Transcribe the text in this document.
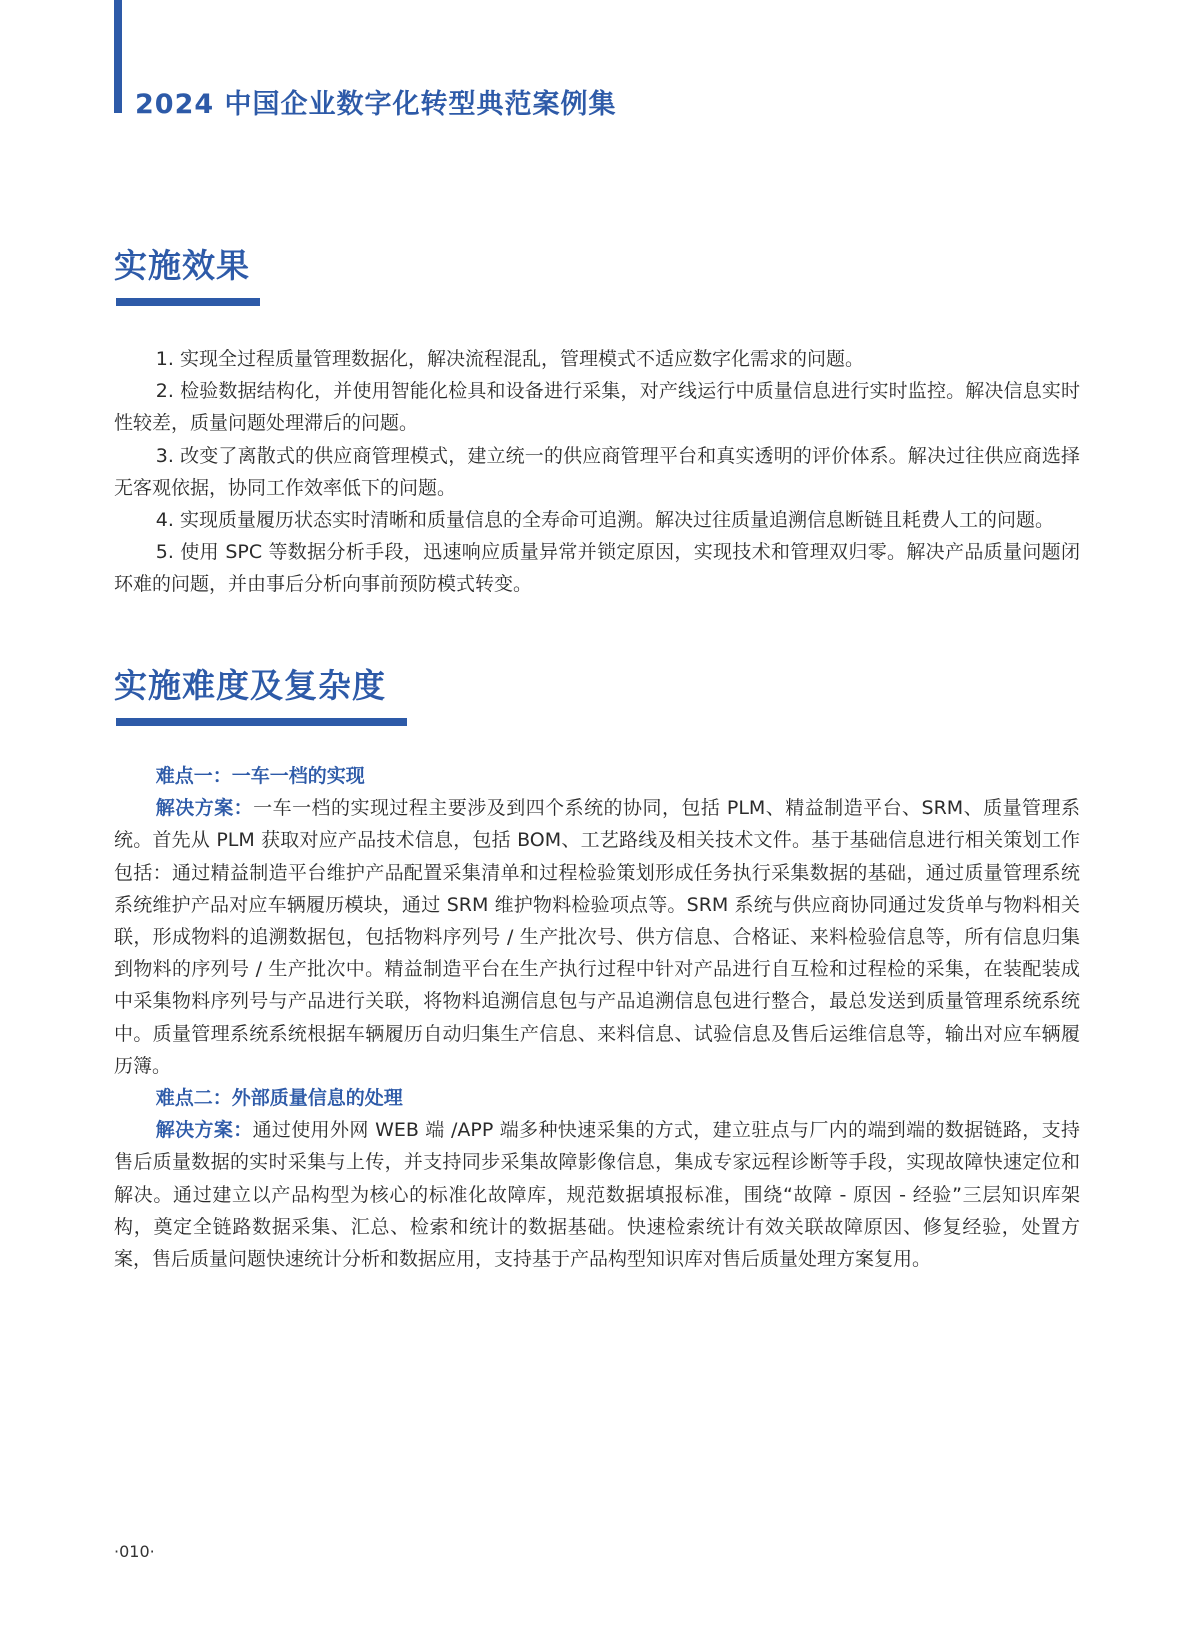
2024 中国企业数字化转型典范案例集
实施效果

1. 实现全过程质量管理数据化，解决流程混乱，管理模式不适应数字化需求的问题。

2. 检验数据结构化，并使用智能化检具和设备进行采集，对产线运行中质量信息进行实时监控。解决信息实时性较差，质量问题处理滞后的问题。

3. 改变了离散式的供应商管理模式，建立统一的供应商管理平台和真实透明的评价体系。解决过往供应商选择无客观依据，协同工作效率低下的问题。

4. 实现质量履历状态实时清晰和质量信息的全寿命可追溯。解决过往质量追溯信息断链且耗费人工的问题。

5. 使用 SPC 等数据分析手段，迅速响应质量异常并锁定原因，实现技术和管理双归零。解决产品质量问题闭环难的问题，并由事后分析向事前预防模式转变。

实施难度及复杂度

难点一：一车一档的实现

解决方案：一车一档的实现过程主要涉及到四个系统的协同，包括 PLM、精益制造平台、SRM、质量管理系统。首先从 PLM 获取对应产品技术信息，包括 BOM、工艺路线及相关技术文件。基于基础信息进行相关策划工作包括：通过精益制造平台维护产品配置采集清单和过程检验策划形成任务执行采集数据的基础，通过质量管理系统系统维护产品对应车辆履历模块，通过 SRM 维护物料检验项点等。SRM 系统与供应商协同通过发货单与物料相关联，形成物料的追溯数据包，包括物料序列号 / 生产批次号、供方信息、合格证、来料检验信息等，所有信息归集到物料的序列号 / 生产批次中。精益制造平台在生产执行过程中针对产品进行自互检和过程检的采集，在装配装成中采集物料序列号与产品进行关联，将物料追溯信息包与产品追溯信息包进行整合，最总发送到质量管理系统系统中。质量管理系统系统根据车辆履历自动归集生产信息、来料信息、试验信息及售后运维信息等，输出对应车辆履历簿。

难点二：外部质量信息的处理

解决方案：通过使用外网 WEB 端 /APP 端多种快速采集的方式，建立驻点与厂内的端到端的数据链路，支持售后质量数据的实时采集与上传，并支持同步采集故障影像信息，集成专家远程诊断等手段，实现故障快速定位和解决。通过建立以产品构型为核心的标准化故障库，规范数据填报标准，围绕“故障 - 原因 - 经验”三层知识库架构，奠定全链路数据采集、汇总、检索和统计的数据基础。快速检索统计有效关联故障原因、修复经验，处置方案，售后质量问题快速统计分析和数据应用，支持基于产品构型知识库对售后质量处理方案复用。

·010·
